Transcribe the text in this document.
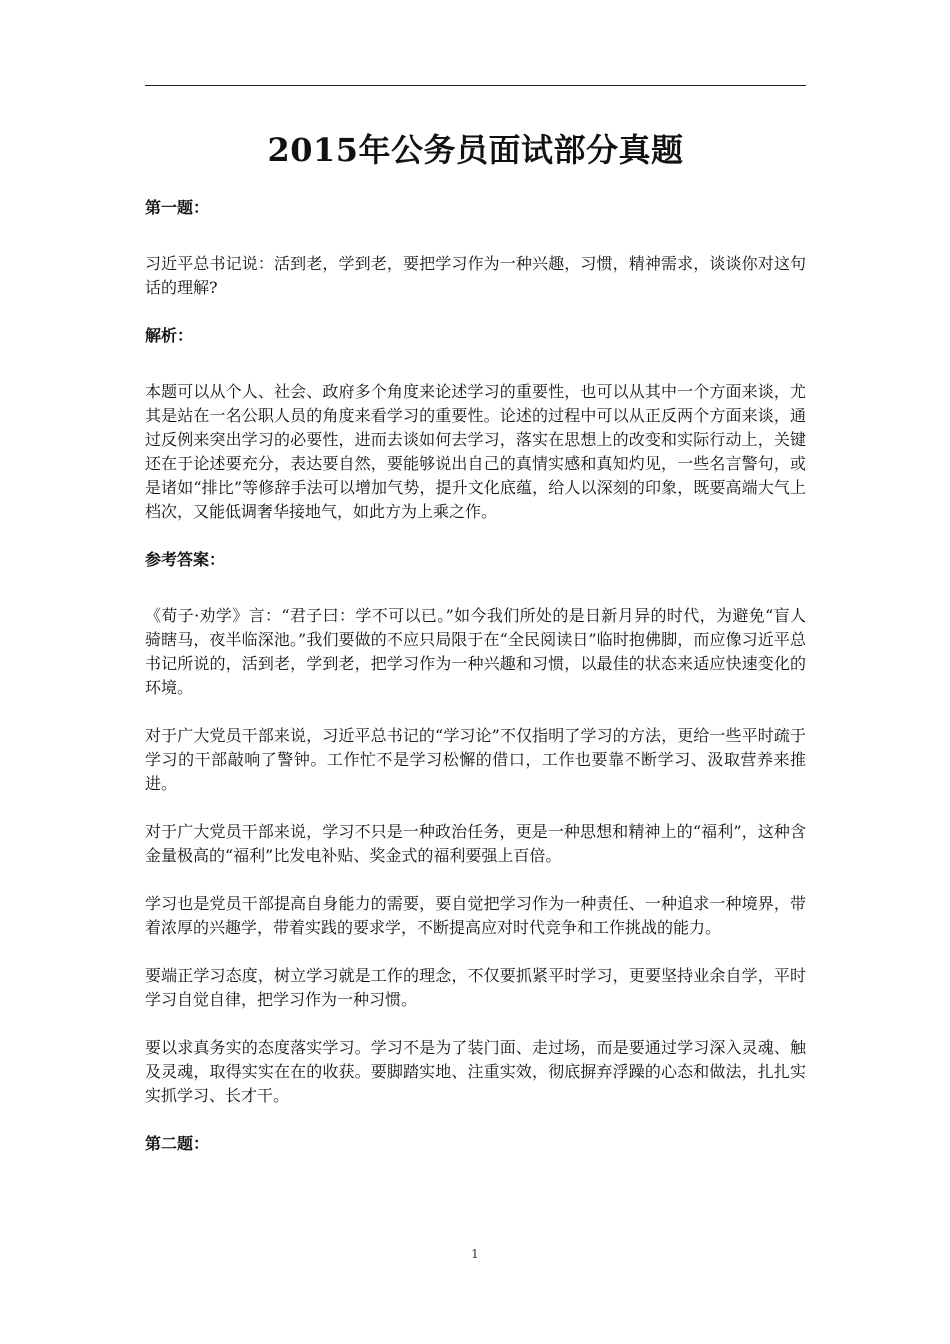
2015年公务员面试部分真题

第一题：

习近平总书记说：活到老，学到老，要把学习作为一种兴趣，习惯，精神需求，谈谈你对这句话的理解?

解析：

本题可以从个人、社会、政府多个角度来论述学习的重要性，也可以从其中一个方面来谈，尤其是站在一名公职人员的角度来看学习的重要性。论述的过程中可以从正反两个方面来谈，通过反例来突出学习的必要性，进而去谈如何去学习，落实在思想上的改变和实际行动上，关键还在于论述要充分，表达要自然，要能够说出自己的真情实感和真知灼见，一些名言警句，或是诸如“排比”等修辞手法可以增加气势，提升文化底蕴，给人以深刻的印象，既要高端大气上档次，又能低调奢华接地气，如此方为上乘之作。

参考答案：

《荀子·劝学》言：“君子曰：学不可以已。”如今我们所处的是日新月异的时代，为避免“盲人骑瞎马，夜半临深池。”我们要做的不应只局限于在“全民阅读日”临时抱佛脚，而应像习近平总书记所说的，活到老，学到老，把学习作为一种兴趣和习惯，以最佳的状态来适应快速变化的环境。

对于广大党员干部来说，习近平总书记的“学习论”不仅指明了学习的方法，更给一些平时疏于学习的干部敲响了警钟。工作忙不是学习松懈的借口，工作也要靠不断学习、汲取营养来推进。

对于广大党员干部来说，学习不只是一种政治任务，更是一种思想和精神上的“福利”，这种含金量极高的“福利”比发电补贴、奖金式的福利要强上百倍。

学习也是党员干部提高自身能力的需要，要自觉把学习作为一种责任、一种追求一种境界，带着浓厚的兴趣学，带着实践的要求学，不断提高应对时代竞争和工作挑战的能力。

要端正学习态度，树立学习就是工作的理念，不仅要抓紧平时学习，更要坚持业余自学，平时学习自觉自律，把学习作为一种习惯。

要以求真务实的态度落实学习。学习不是为了装门面、走过场，而是要通过学习深入灵魂、触及灵魂，取得实实在在的收获。要脚踏实地、注重实效，彻底摒弃浮躁的心态和做法，扎扎实实抓学习、长才干。

第二题：

1
